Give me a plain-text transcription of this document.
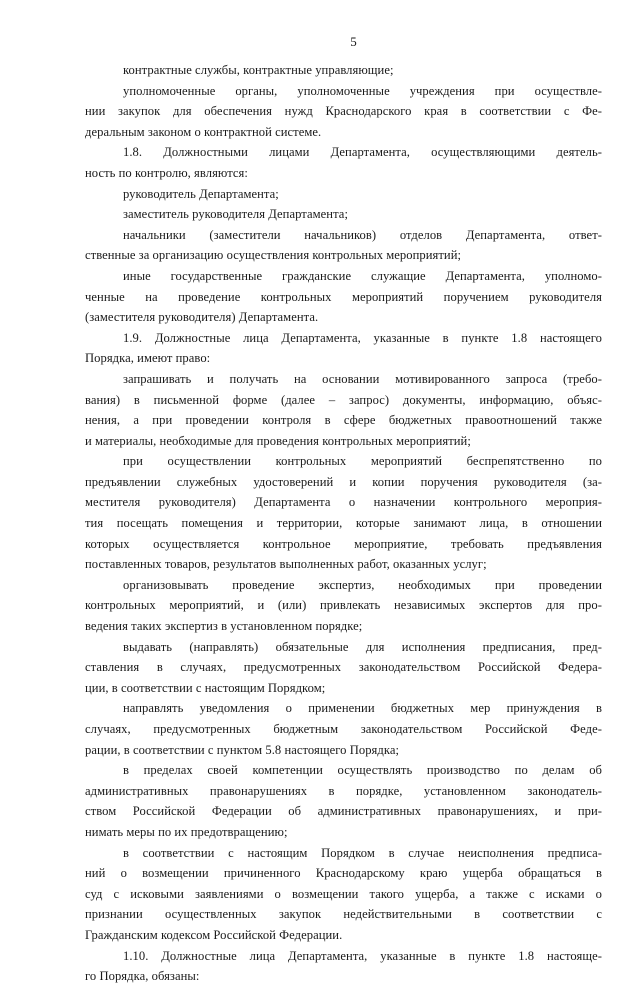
5
контрактные службы, контрактные управляющие;
уполномоченные органы, уполномоченные учреждения при осуществле-
нии закупок для обеспечения нужд Краснодарского края в соответствии с Фе-
деральным законом о контрактной системе.
1.8. Должностными лицами Департамента, осуществляющими деятель-
ность по контролю, являются:
руководитель Департамента;
заместитель руководителя Департамента;
начальники (заместители начальников) отделов Департамента, ответ-
ственные за организацию осуществления контрольных мероприятий;
иные государственные гражданские служащие Департамента, уполномо-
ченные на проведение контрольных мероприятий поручением руководителя
(заместителя руководителя) Департамента.
1.9. Должностные лица Департамента, указанные в пункте 1.8 настоящего
Порядка, имеют право:
запрашивать и получать на основании мотивированного запроса (требо-
вания) в письменной форме (далее – запрос) документы, информацию, объяс-
нения, а при проведении контроля в сфере бюджетных правоотношений также
и материалы, необходимые для проведения контрольных мероприятий;
при осуществлении контрольных мероприятий беспрепятственно по
предъявлении служебных удостоверений и копии поручения руководителя (за-
местителя руководителя) Департамента о назначении контрольного мероприя-
тия посещать помещения и территории, которые занимают лица, в отношении
которых осуществляется контрольное мероприятие, требовать предъявления
поставленных товаров, результатов выполненных работ, оказанных услуг;
организовывать проведение экспертиз, необходимых при проведении
контрольных мероприятий, и (или) привлекать независимых экспертов для про-
ведения таких экспертиз в установленном порядке;
выдавать (направлять) обязательные для исполнения предписания, пред-
ставления в случаях, предусмотренных законодательством Российской Федера-
ции, в соответствии с настоящим Порядком;
направлять уведомления о применении бюджетных мер принуждения в
случаях, предусмотренных бюджетным законодательством Российской Феде-
рации, в соответствии с пунктом 5.8 настоящего Порядка;
в пределах своей компетенции осуществлять производство по делам об
административных правонарушениях в порядке, установленном законодатель-
ством Российской Федерации об административных правонарушениях, и при-
нимать меры по их предотвращению;
в соответствии с настоящим Порядком в случае неисполнения предписа-
ний о возмещении причиненного Краснодарскому краю ущерба обращаться в
суд с исковыми заявлениями о возмещении такого ущерба, а также с исками о
признании осуществленных закупок недействительными в соответствии с
Гражданским кодексом Российской Федерации.
1.10. Должностные лица Департамента, указанные в пункте 1.8 настояще-
го Порядка, обязаны:
